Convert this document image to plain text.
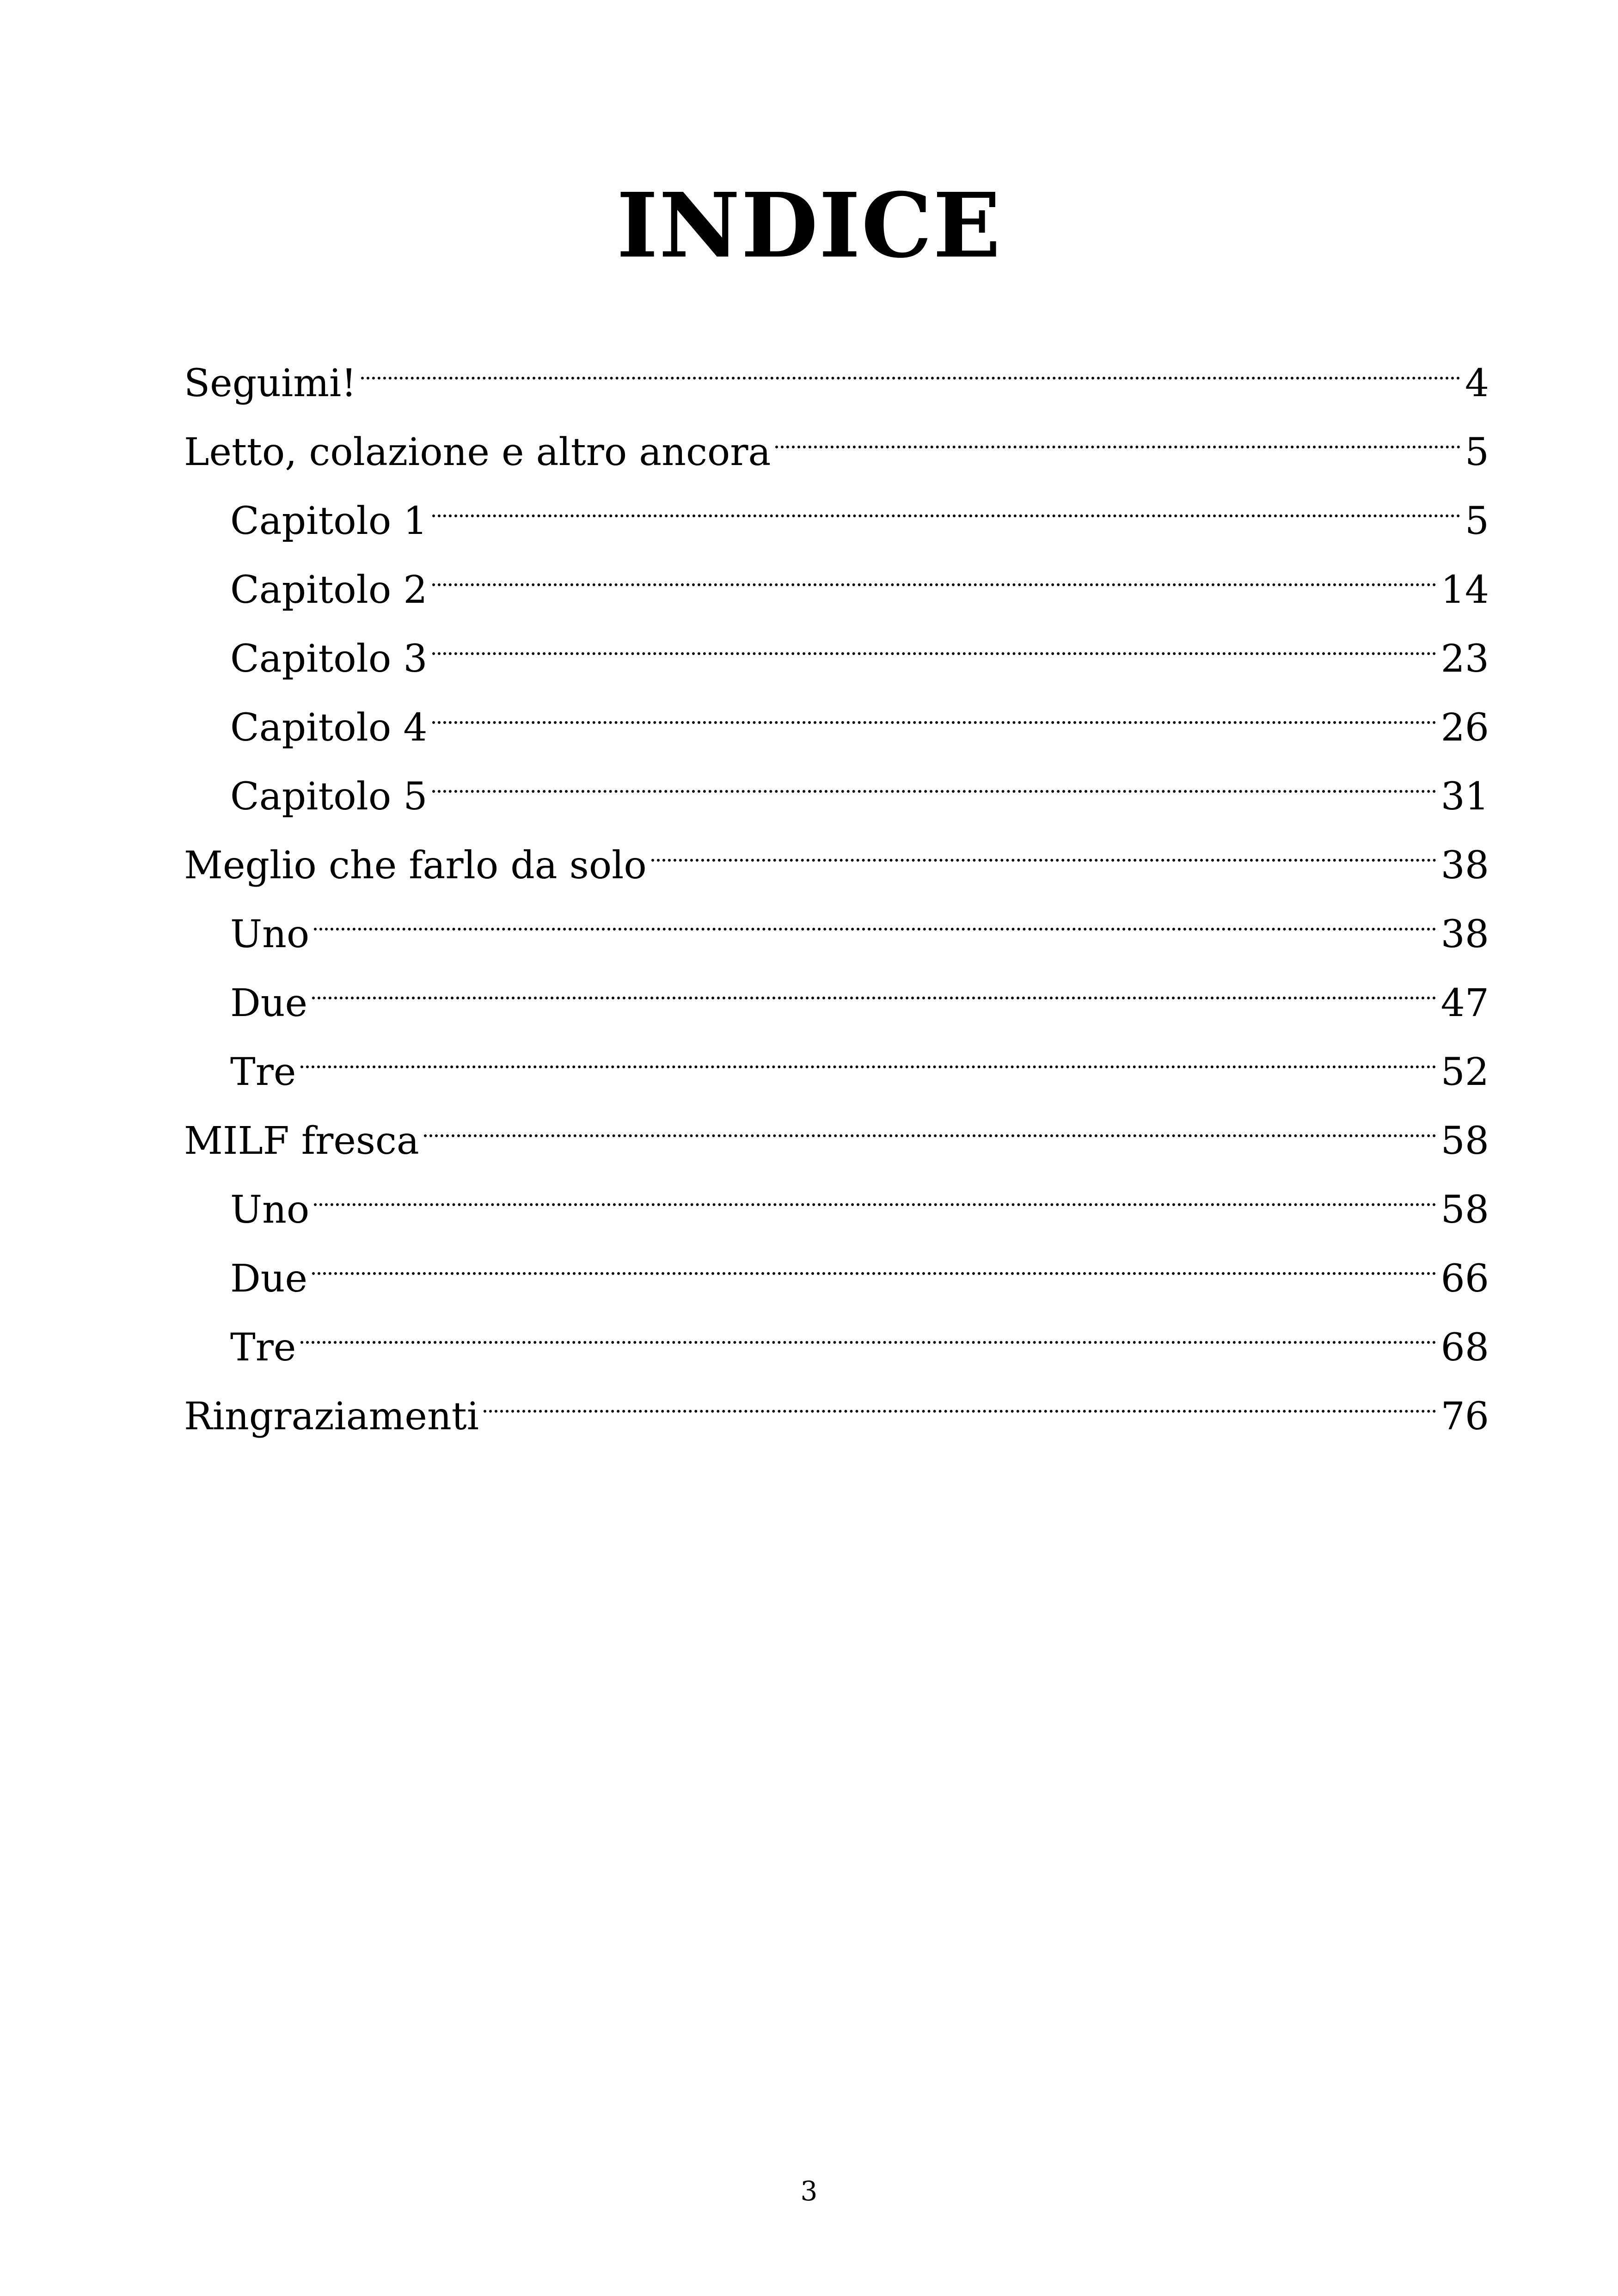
INDICE
Seguimi!	4
Letto, colazione e altro ancora	5
Capitolo 1	5
Capitolo 2	14
Capitolo 3	23
Capitolo 4	26
Capitolo 5	31
Meglio che farlo da solo	38
Uno	38
Due	47
Tre	52
MILF fresca	58
Uno	58
Due	66
Tre	68
Ringraziamenti	76
3
